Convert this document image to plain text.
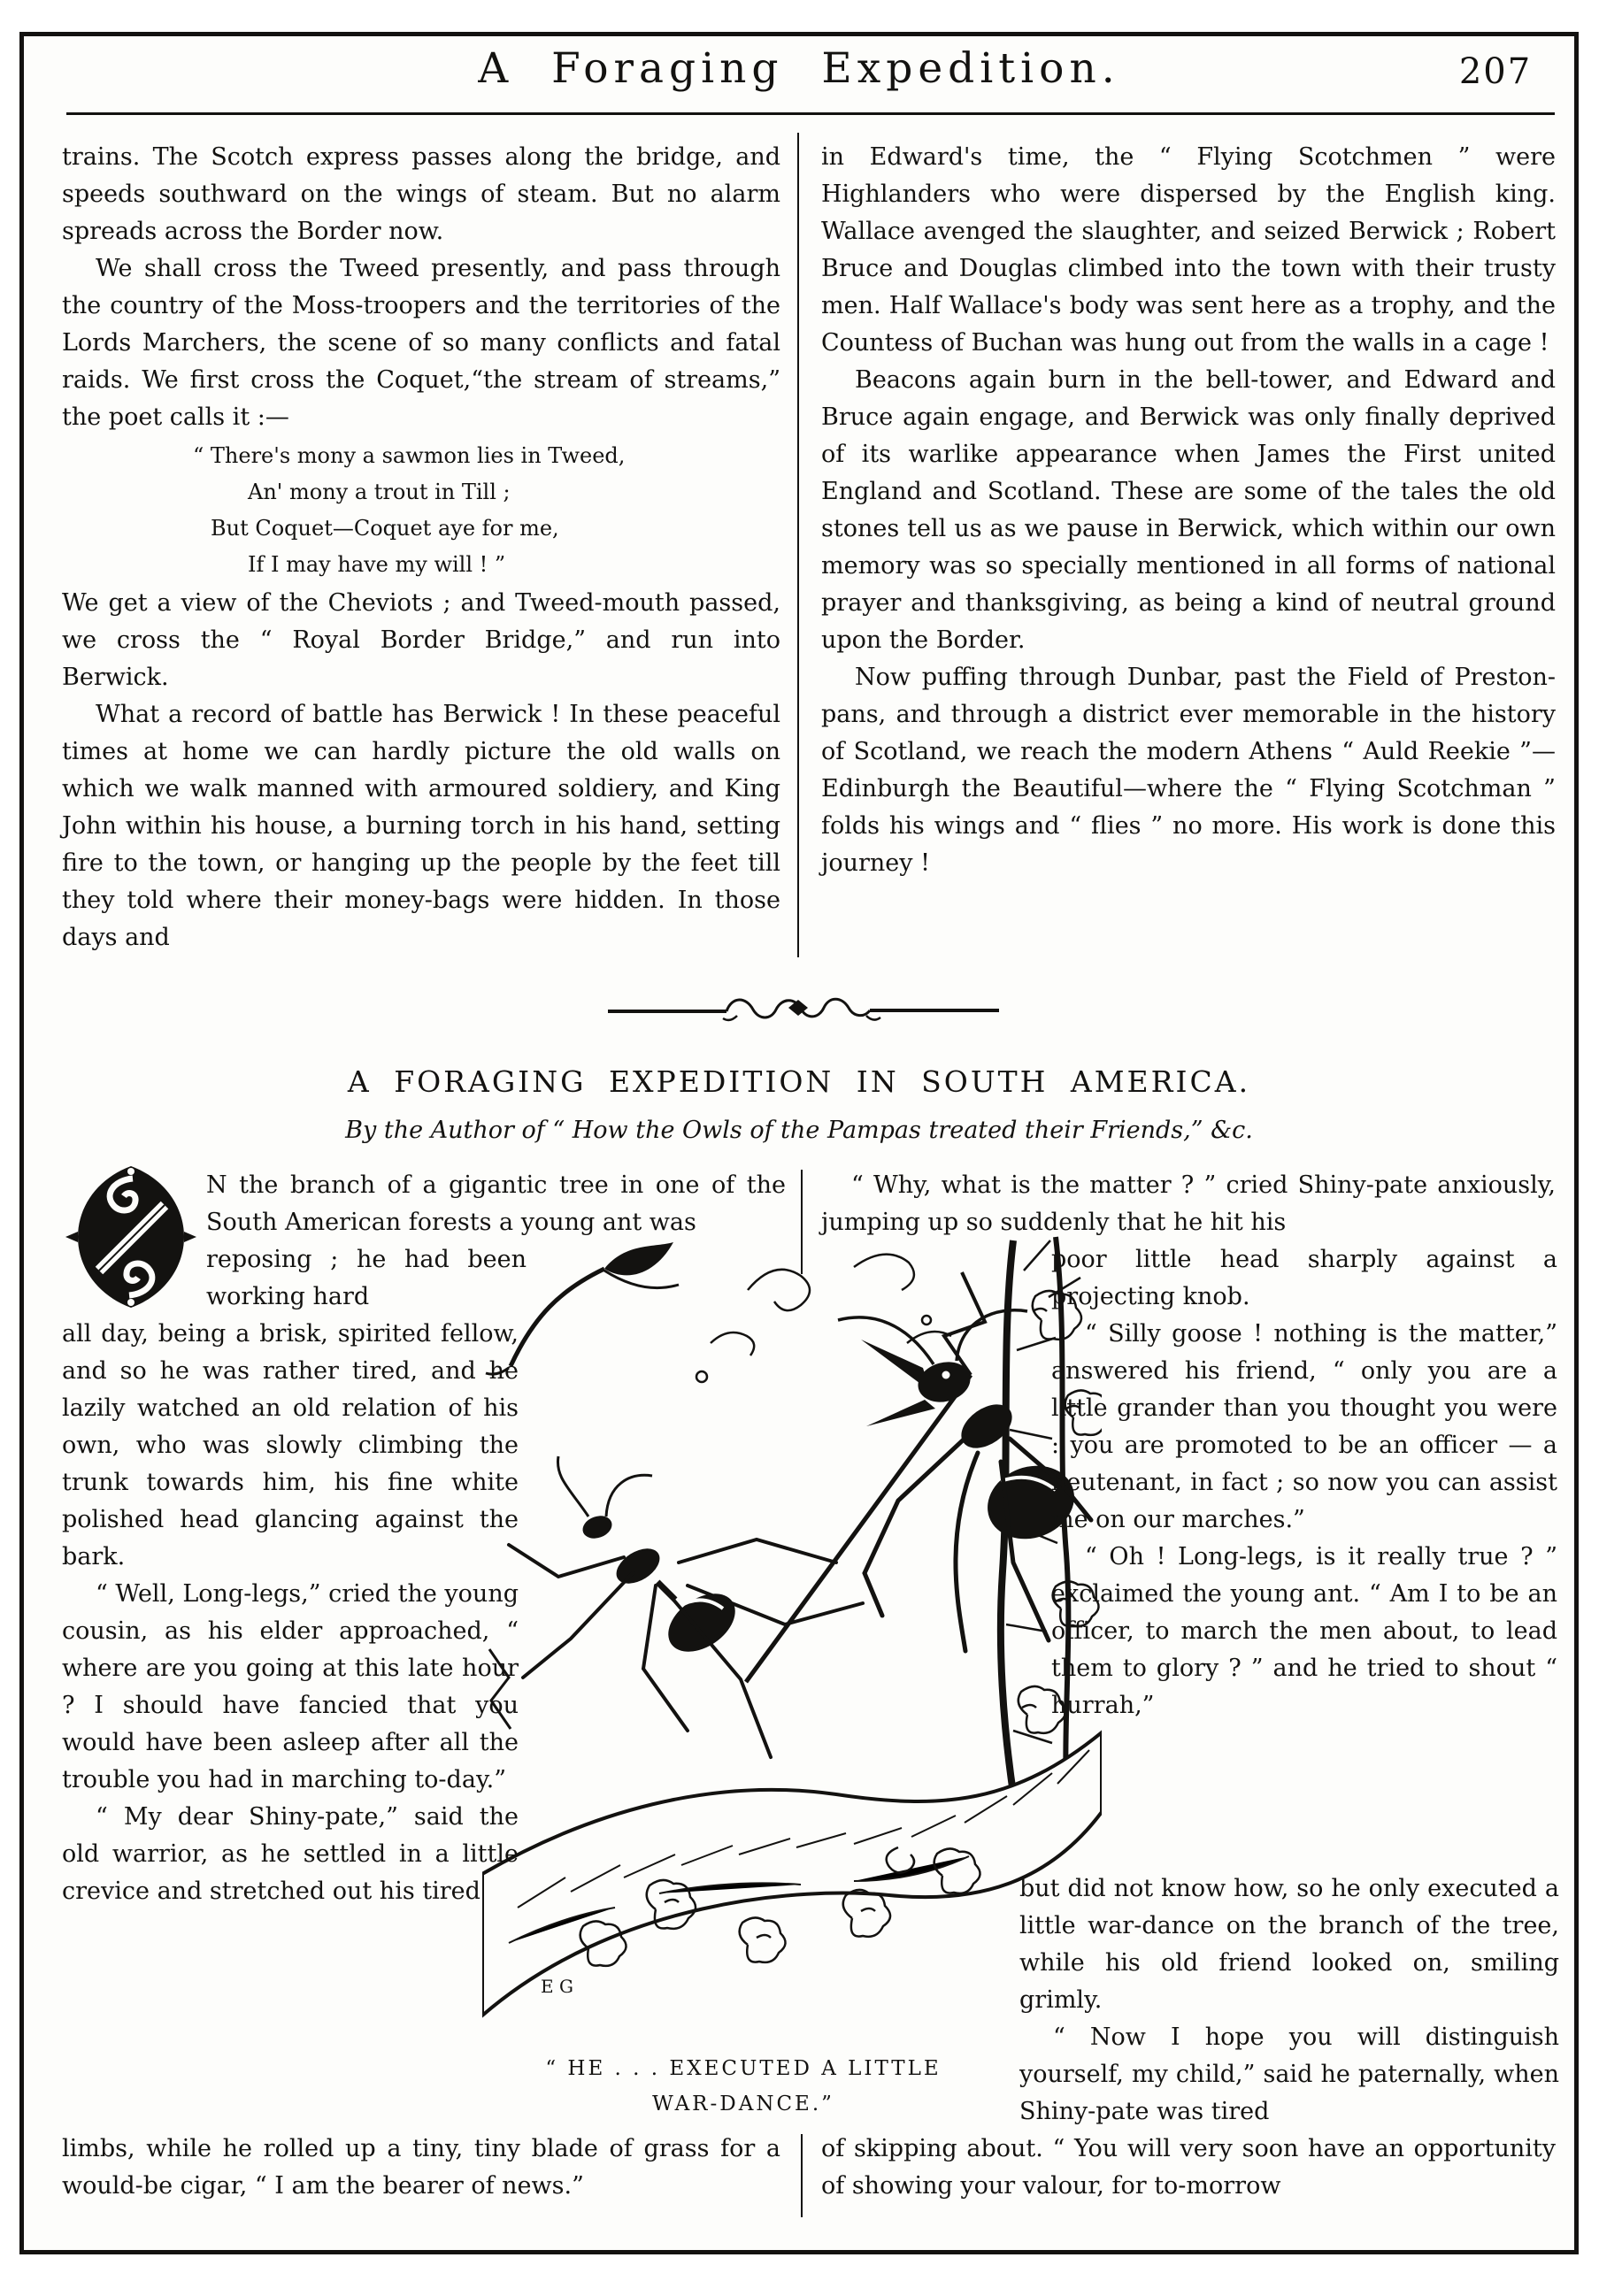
A Foraging Expedition.	207

trains. The Scotch express passes along the bridge, and speeds southward on the wings of steam. But no alarm spreads across the Border now.

We shall cross the Tweed presently, and pass through the country of the Moss-troopers and the territories of the Lords Marchers, the scene of so many conflicts and fatal raids. We first cross the Coquet,“the stream of streams,” the poet calls it :—

“ There's mony a sawmon lies in Tweed,
An' mony a trout in Till ;
But Coquet—Coquet aye for me,
If I may have my will ! ”

We get a view of the Cheviots ; and Tweed-mouth passed, we cross the “ Royal Border Bridge,” and run into Berwick.

What a record of battle has Berwick ! In these peaceful times at home we can hardly picture the old walls on which we walk manned with armoured soldiery, and King John within his house, a burning torch in his hand, setting fire to the town, or hanging up the people by the feet till they told where their money-bags were hidden. In those days and

in Edward's time, the “ Flying Scotchmen ” were Highlanders who were dispersed by the English king. Wallace avenged the slaughter, and seized Berwick ; Robert Bruce and Douglas climbed into the town with their trusty men. Half Wallace's body was sent here as a trophy, and the Countess of Buchan was hung out from the walls in a cage !

Beacons again burn in the bell-tower, and Edward and Bruce again engage, and Berwick was only finally deprived of its warlike appearance when James the First united England and Scotland. These are some of the tales the old stones tell us as we pause in Berwick, which within our own memory was so specially mentioned in all forms of national prayer and thanksgiving, as being a kind of neutral ground upon the Border.

Now puffing through Dunbar, past the Field of Preston-pans, and through a district ever memorable in the history of Scotland, we reach the modern Athens “ Auld Reekie ”—Edinburgh the Beautiful—where the “ Flying Scotchman ” folds his wings and “ flies ” no more. His work is done this journey !

A FORAGING EXPEDITION IN SOUTH AMERICA.
By the Author of “ How the Owls of the Pampas treated their Friends,” &c.
E G
N the branch of a gigantic tree in one of the South American forests a young ant was
reposing ; he had been working hard

all day, being a brisk, spirited fellow, and so he was rather tired, and he lazily watched an old relation of his own, who was slowly climbing the trunk towards him, his fine white polished head glancing against the bark.

“ Well, Long-legs,” cried the young cousin, as his elder approached, “ where are you going at this late hour ? I should have fancied that you would have been asleep after all the trouble you had in marching to-day.”

“ My dear Shiny-pate,” said the old warrior, as he settled in a little crevice and stretched out his tired

limbs, while he rolled up a tiny, tiny blade of grass for a would-be cigar, “ I am the bearer of news.”
“ Why, what is the matter ? ” cried Shiny-pate anxiously, jumping up so suddenly that he hit his

poor little head sharply against a projecting knob.

“ Silly goose ! nothing is the matter,” answered his friend, “ only you are a little grander than you thought you were : you are promoted to be an officer — a lieutenant, in fact ; so now you can assist me on our marches.”

“ Oh ! Long-legs, is it really true ? ” exclaimed the young ant. “ Am I to be an officer, to march the men about, to lead them to glory ? ” and he tried to shout “ hurrah,”

but did not know how, so he only executed a little war-dance on the branch of the tree, while his old friend looked on, smiling grimly.

“ Now I hope you will distinguish yourself, my child,” said he paternally, when Shiny-pate was tired

of skipping about. “ You will very soon have an opportunity of showing your valour, for to-morrow
“ HE . . . EXECUTED A LITTLE
WAR-DANCE.”
